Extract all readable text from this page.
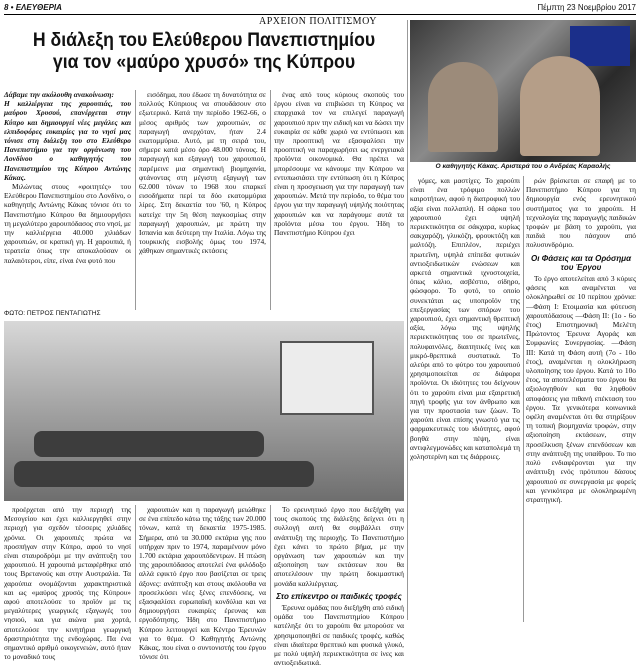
8 • ΕΛΕΥΘΕΡΙΑ	Πέμπτη 23 Νοεμβρίου 2017
ΑΡΧΕΙΟΝ ΠΟΛΙΤΙΣΜΟΥ
Η διάλεξη του Ελεύθερου Πανεπιστημίου για τον «μαύρο χρυσό» της Κύπρου
Ο καθηγητής Κάκας. Αριστερά του ο Ανδρέας Καραολής

Δάβαμε την ακόλουθη ανακοίνωση:

Η καλλιέργεια της χαρουπιάς, του μαύρου Χρυσού, επανέρχεται στην Κύπρο και δημιουργεί νέες μεγάλες και ελπιδοφόρες ευκαιρίες για το νησί μας τόνισε στη διάλεξη του στο Ελεύθερο Πανεπιστήμιο για την οργάνωση του Λονδίνου ο καθηγητής του Πανεπιστημίου της Κύπρου Αντώνης Κάκας.

Μιλώντας στους «φοιτητές» του Ελεύθερου Πανεπιστημίου στο Λονδίνο, ο καθηγητής Αντώνης Κάκας τόνισε ότι το Πανεπιστήμιο Κύπρου θα δημιουργήσει τη μεγαλύτερο χαρουπόδασος στο νησί, με την καλλιέργεια 40.000 χιλιάδων χαρουπιών, σε κρατική γη. Η χαρουπιά, ή τερατεία όπως την αποκαλούσαν οι παλαιότεροι, είπε, είναι ένα φυτό που

εισόδημα, που έδωσε τη δυνατότητα σε πολλούς Κύπριους να σπουδάσουν στο εξωτερικό. Κατά την περίοδο 1962-66, ο μέσος αριθμός των χαρουπιών, σε παραγωγή ανερχόταν, ήταν 2.4 εκατομμύρια. Αυτό, με τη σειρά του, σήμερε κατά μέσο όρο 48.000 τόνους. Η παραγωγή και εξαγωγή του χαρουπιού, παρέμεινε μια σημαντική βιομηχανία, φτάνοντας στη μέγιστη εξαγωγή των 62.000 τόνων το 1968 που επαρκεί εισοδήματα περί τα δύο εκατομμύρια λίρες. Στη δεκαετία του '60, η Κύπρος κατείχε την 5η θέση παγκοσμίως στην παραγωγή χαρουπιών, με πρώτη την Ισπανία και δεύτερη την Ιταλία. Λόγω της τουρκικής εισβολής όμως του 1974, χάθηκαν σημαντικές εκτάσεις

ένας από τους κύριους σκοπούς του έργου είναι να επιβιώσει τη Κύπρος να επαρχιακά τον να επιλεγεί παραγωγή χαρουπιού πριν την ειδική και να δώσει την ευκαιρία σε κάθε χωριό να εντύπωσει και την προοπτική να εξασφαλίσει την προοπτική να παραχωρήσει ως ενεργειακά προϊόντα οικονομικά. Θα πρέπει να μπορέσουμε να κάνουμε την Κύπρου να εντυπωσιάσει την εντύπωση ότι η Κύπρος είναι η προσγειωση για την παραγωγή των χαρουπιών. Μετά την περίοδο, το θέμα του έργου για την παραγωγή υψηλής ποιότητας χαρουπιών και να παράγουμε αυτά τα προϊόντα μέσω του έργου. Ήδη το Πανεπιστήμιο Κύπρου έχει

ΦΩΤΟ: ΠΕΤΡΟΣ ΠΕΝΤΑΓΙΩΤΗΣ

προέρχεται από την περιοχή της Μεσογείου και έχει καλλιεργηθεί στην περιοχή για σχεδόν τέσσερις χιλιάδες χρόνια. Οι χαρουπιές πρώτα να προσπήγαν στην Κύπρο, αφού το νησί είναι σταυροδρόμι με την ανάπτυξη του χαρουπιού. Η χαρουπιά μεταφέρθηκε από τους Βρετανούς και στην Αυστραλία. Τα χαρούπια ονομάζονται χαρακτηριστικά και ως «μαύρος χρυσός της Κύπρου» αφού αποτελούσε το προϊόν με τις μεγαλύτερες γεωργικές εξαγωγές του νησιού, και για αιώνα μια χορτά, αποτελούσε την κινητήρια γεωργική δραστηριότητα της ενδοχώρας. Πα ένα σημαντικό αριθμό οικογενειών, αυτό ήταν το μοναδικό τους

χαρουπιών και η παραγωγή μειώθηκε σε ένα επίπεδο κάτω της τάξης των 20.000 τόνων, κατά τη δεκαετία 1975-1985. Σήμερα, από τα 30.000 εκτάρια γης που υπήρχαν πριν το 1974, παραμένουν μόνο 1.700 εκτάρια χαρουπόδεντρων. Η πτώση της χαρουπόδασος αποτελεί ένα φιλόδοξο αλλά εφικτό έργο που βασίζεται σε τρεις άξονες: ανάπτυξη και στους ακόλουθα να προσελκύσει νέες ξένες επενδύσεις, να εξασφαλίσει ευρωπαϊκή κονδύλια και να δημιουργήσει ευκαιρίες έρευνας και εργοδότησης. Ήδη στο Πανεπιστήμιο Κύπρου λειτουργεί και Κέντρο Έρευνών για το θέμα. Ο Καθηγητής Αντώνης Κάκας, που είναι ο συντονιστής του έργου τόνισε ότι

Το ερευνητικό έργο που διεξήχθη για τους σκοπούς της διάλεξης δείχνει ότι η συλλογή αυτή θα συμβάλλει στην ανάπτυξη της περιοχής. Το Πανεπιστήμιο έχει κάνει το πρώτο βήμα, με την οργάνωση των χαρουπιών και την αξιοποίηση των εκτάσεων που θα αποτελέσουν την πρώτη δοκιμαστική μονάδα καλλιέργειας.

Στο επίκεντρο οι παιδικές τροφές

Έρευνα ομάδας που διεξήχθη από ειδική ομάδα του Πανεπιστημίου Κύπρου κατέληξε ότι το χαρούπι θα μπορούσε να χρησιμοποιηθεί σε παιδικές τροφές, καθώς είναι ιδιαίτερα θρεπτικό και φυσικά γλυκό, με πολύ υψηλή περιεκτικότητα σε ίνες και αντιοξειδωτικά.

γόμες, και μαστίχες. Το χαρούπι είναι ένα τρόφιμο πολλών καιροτήτων, αφού η διατροφική του αξία είναι πολλαπλή. Η σάρκα του χαρουπιού έχει υψηλή περιεκτικότητα σε σάκχαρα, κυρίως σακχαρόζη, γλυκόζη, φρουκτόζη και μαλτόζη. Επιπλέον, περιέχει πρωτεΐνη, υψηλά επίπεδα φυτικών αντιοξειδωτικών ενώσεων και αρκετά σημαντικά ιχνοστοιχεία, όπως κάλιο, ασβέστιο, σίδηρο, φώσφορο. Το φυτό, το οποίο συνεκτάται ως υποπροϊόν της επεξεργασίας των σπόρων του χαρουπιού, έχει σημαντική θρεπτική αξία, λόγω της υψηλής περιεκτικότητας του σε πρωτεΐνες, πολυφαινόλες, διαιτητικές ίνες και μικρό-θρεπτικά συστατικά. Το αλεύρι από το φύτρο του χαρουπιού χρησιμοποιείται σε διάφορα προϊόντα. Οι ιδιότητες του δείχνουν ότι το χαρούπι είναι μια εξαιρετική πηγή τροφής για τον άνθρωπο και για την προστασία των ζώων. Το χαρούπι είναι επίσης γνωστό για τις φαρμακευτικές του ιδιότητες, αφού βοηθά στην πέψη, είναι αντιφλεγμονώδες και καταπολεμά τη χοληστερίνη και τις διάρροιες.

ρών βρίσκεται σε επαφή με το Πανεπιστήμιο Κύπρου για τη δημιουργία ενός ερευνητικού συστήματος για το χαρούπι. Η τεχνολογία της παραγωγής παιδικών τροφών με βάση το χαρούπι, για παιδιά που πάσχουν από πολυσυνδρόμιο.

Οι Φάσεις και τα Ορόσημα του Έργου

Το έργο αποτελείται από 3 κύριες φάσεις και αναμένεται να ολοκληρωθεί σε 10 περίπου χρόνια: —Φάση Ι: Ετοιμασία και φύτευση χαρουπόδασους —Φάση ΙΙ: (1ο - 6ο έτος) Επιστημονική Μελέτη Πρώτοντος Έρευνα Αγοράς και Συμφωνίες Συνεργασίας. —Φάση ΙΙΙ: Κατά τη Φάση αυτή (7ο - 10ο έτος), αναμένεται η ολοκλήρωση υλοποίησης του έργου. Κατά το 10ο έτος, τα αποτελέσματα του έργου θα αξιολογηθούν και θα ληφθούν αποφάσεις για πιθανή επέκταση του έργου. Τα γενικότερα κοινωνικά οφέλη αναμένεται ότι θα στηρίξουν τη τοπική βιομηχανία τροφών, στην αξιοποίηση εκτάσεων, στην προσέλκυση ξένων επενδύσεων και στην ανάπτυξη της υπαίθρου. Το πιο πολύ ενδιαφέρονται για την ανάπτυξη ενός πρότυπου δάσους χαρουπιού σε συνεργασία με φορείς και γενικότερα με ολοκληρωμένη στρατηγική.
